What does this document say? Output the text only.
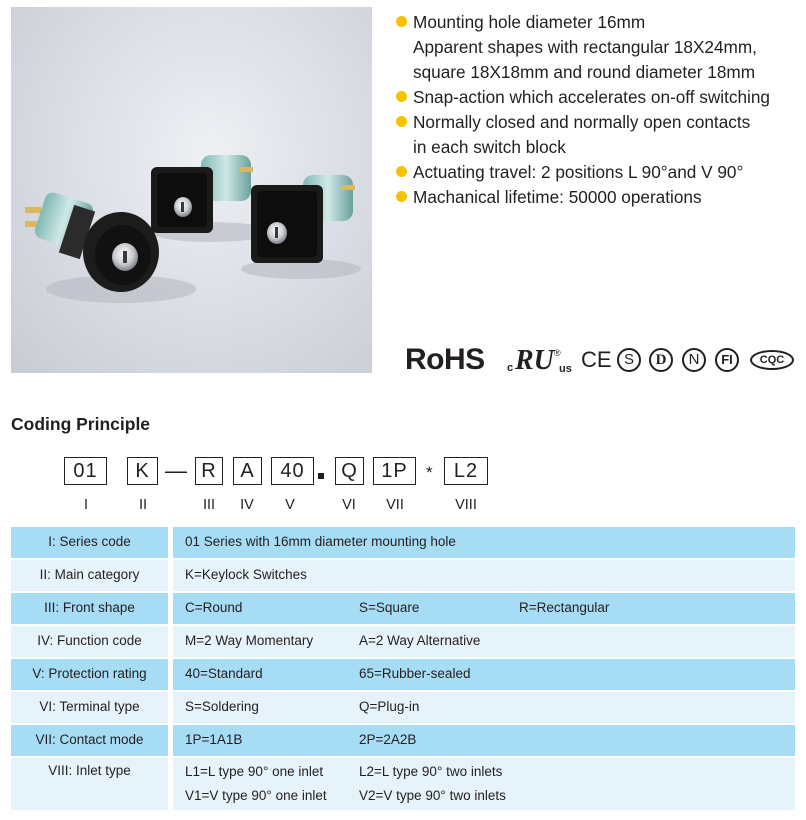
Mounting hole diameter 16mm
Apparent shapes with rectangular 18X24mm,
square 18X18mm and round diameter 18mm
Snap-action which accelerates on-off switching
Normally closed and normally open contacts
in each switch block
Actuating travel: 2 positions L 90°and V 90°
Machanical lifetime: 50000 operations
RoHS c RU ®
us CE S	D	N	FI	CQC
Coding Principle
01	K — R	A	40	Q	1P	*	L2
I	II	III	IV	V	VI	VII	VIII
I: Series code	01 Series with 16mm diameter mounting hole
II: Main category	K=Keylock Switches
III: Front shape	C=Round	S=Square	R=Rectangular
IV: Function code	M=2 Way Momentary	A=2 Way Alternative
V: Protection rating	40=Standard	65=Rubber-sealed
VI: Terminal type	S=Soldering	Q=Plug-in
VII: Contact mode	1P=1A1B	2P=2A2B
VIII: Inlet type	L1=L type 90° one inlet	L2=L type 90° two inlets
V1=V type 90° one inlet V2=V type 90° two inlets
